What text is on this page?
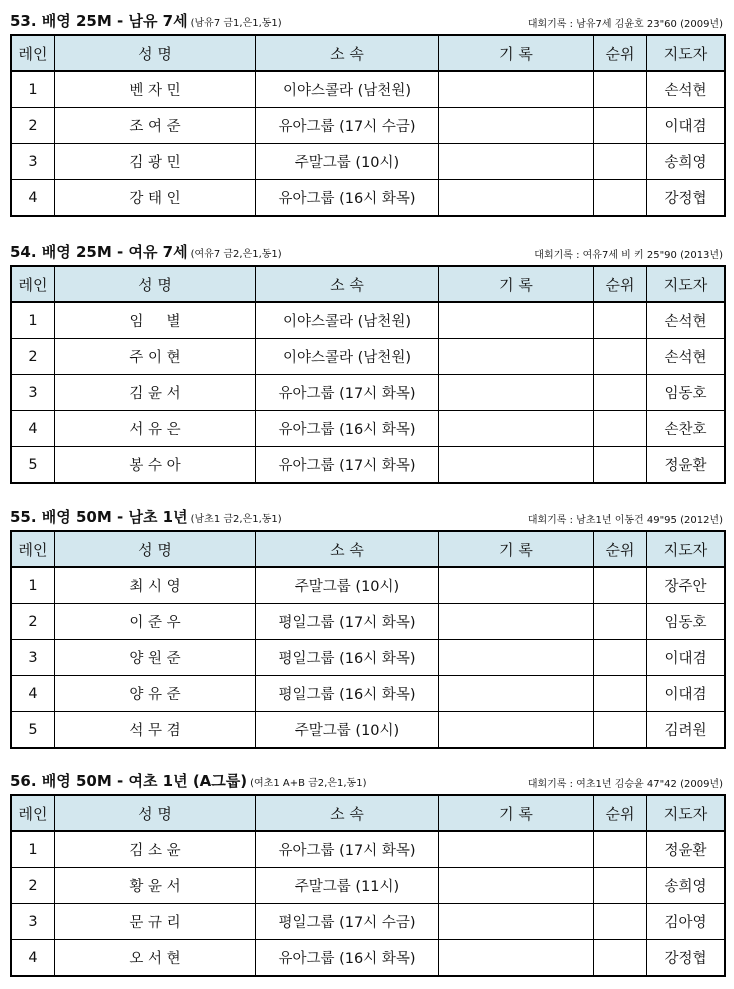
53. 배영 25M - 남유 7세 (남유7 금1,은1,동1)	대회기록 : 남유7세 김윤호 23"60 (2009년)
레인	성 명	소 속	기 록	순위	지도자
1	벤 자 민	이야스콜라 (남천원)			손석현
2	조 여 준	유아그룹 (17시 수금)			이대겸
3	김 광 민	주말그룹 (10시)			송희영
4	강 태 인	유아그룹 (16시 화목)			강정협
54. 배영 25M - 여유 7세 (여유7 금2,은1,동1)	대회기록 : 여유7세 비 키 25"90 (2013년)
레인	성 명	소 속	기 록	순위	지도자
1	임     별	이야스콜라 (남천원)			손석현
2	주 이 현	이야스콜라 (남천원)			손석현
3	김 윤 서	유아그룹 (17시 화목)			임동호
4	서 유 은	유아그룹 (16시 화목)			손찬호
5	봉 수 아	유아그룹 (17시 화목)			정윤환
55. 배영 50M - 남초 1년 (남초1 금2,은1,동1)	대회기록 : 남초1년 이동건 49"95 (2012년)
레인	성 명	소 속	기 록	순위	지도자
1	최 시 영	주말그룹 (10시)			장주안
2	이 준 우	평일그룹 (17시 화목)			임동호
3	양 원 준	평일그룹 (16시 화목)			이대겸
4	양 유 준	평일그룹 (16시 화목)			이대겸
5	석 무 겸	주말그룹 (10시)			김려원
56. 배영 50M - 여초 1년 (A그룹) (여초1 A+B 금2,은1,동1)	대회기록 : 여초1년 김승윤 47"42 (2009년)
레인	성 명	소 속	기 록	순위	지도자
1	김 소 윤	유아그룹 (17시 화목)			정윤환
2	황 윤 서	주말그룹 (11시)			송희영
3	문 규 리	평일그룹 (17시 수금)			김아영
4	오 서 현	유아그룹 (16시 화목)			강정협
